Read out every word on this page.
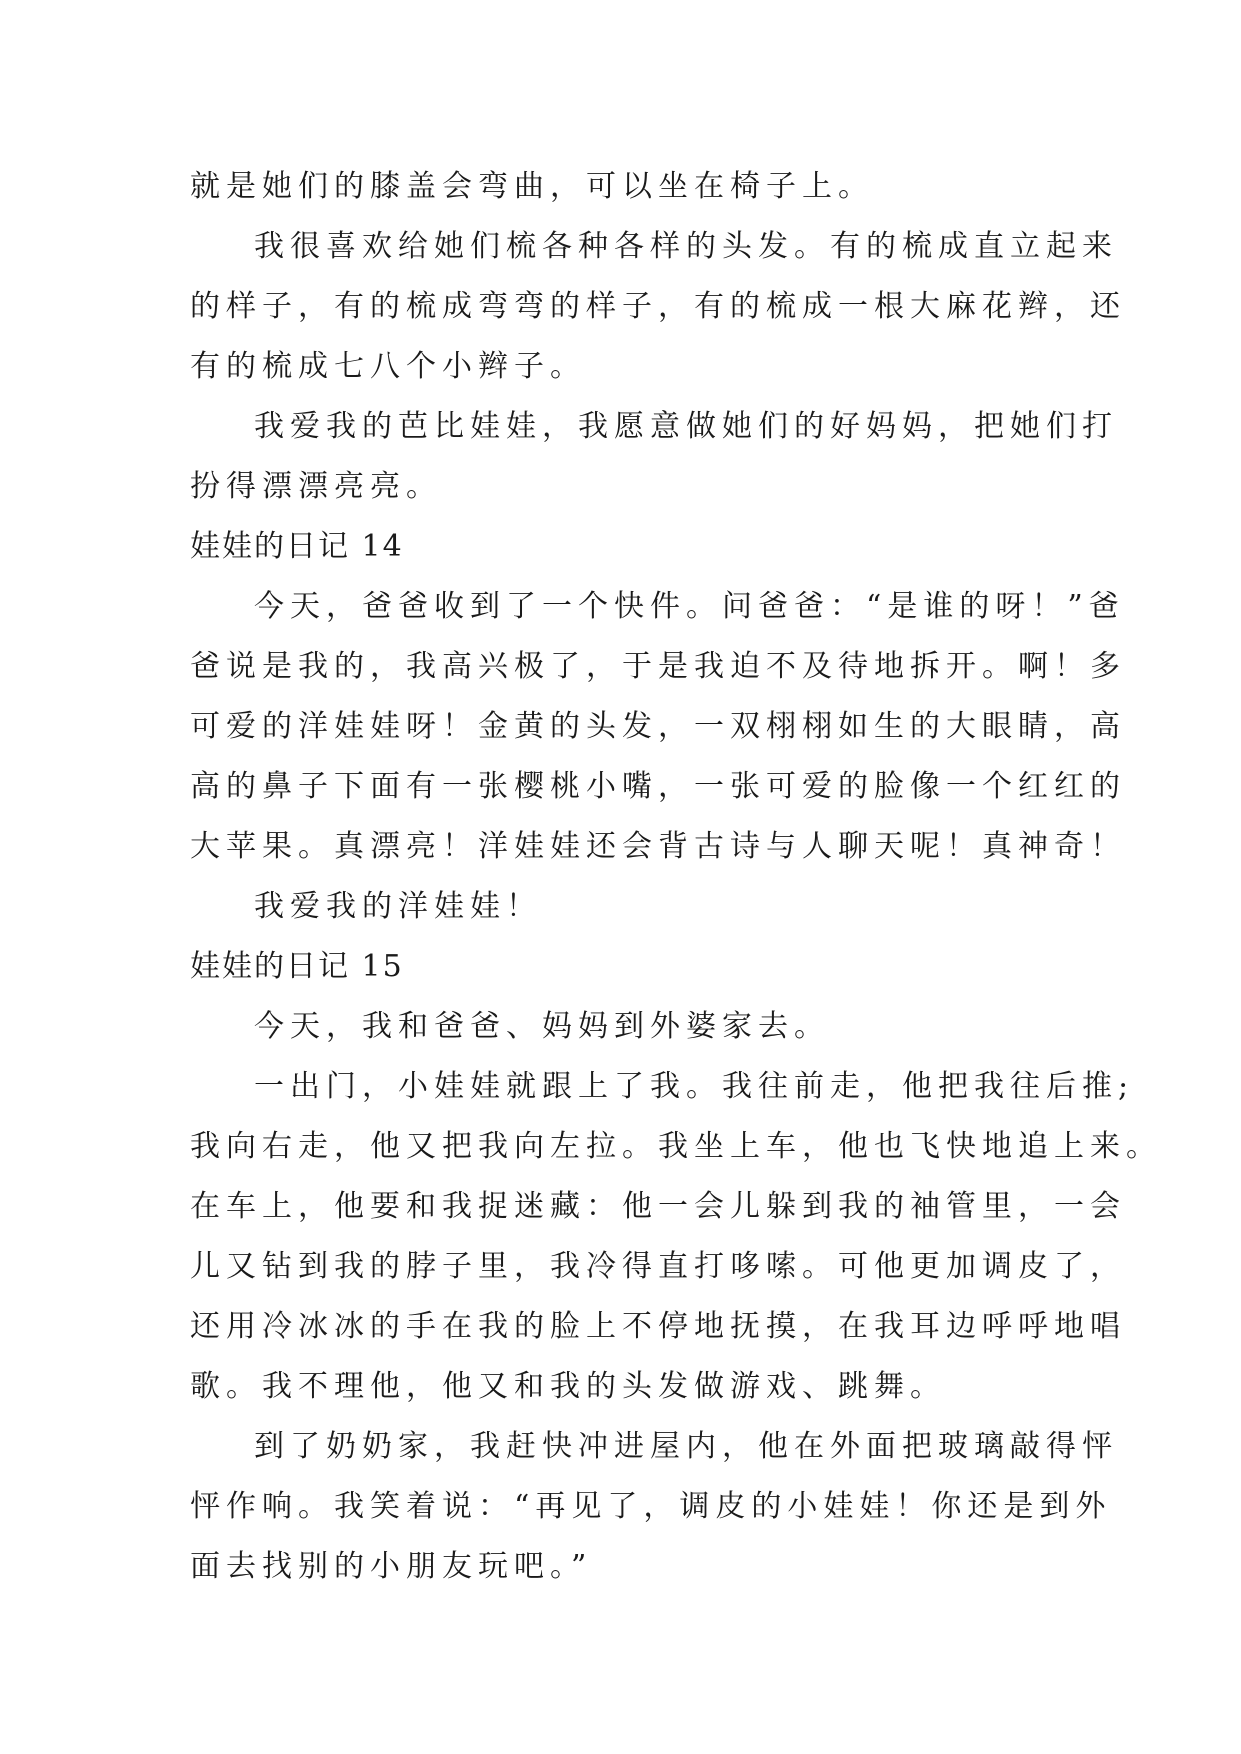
就是她们的膝盖会弯曲，可以坐在椅子上。
我很喜欢给她们梳各种各样的头发。有的梳成直立起来
的样子，有的梳成弯弯的样子，有的梳成一根大麻花辫，还
有的梳成七八个小辫子。
我爱我的芭比娃娃，我愿意做她们的好妈妈，把她们打
扮得漂漂亮亮。
娃娃的日记 14
今天，爸爸收到了一个快件。问爸爸：“是谁的呀！”爸
爸说是我的，我高兴极了，于是我迫不及待地拆开。啊！多
可爱的洋娃娃呀！金黄的头发，一双栩栩如生的大眼睛，高
高的鼻子下面有一张樱桃小嘴，一张可爱的脸像一个红红的
大苹果。真漂亮！洋娃娃还会背古诗与人聊天呢！真神奇！
我爱我的洋娃娃！
娃娃的日记 15
今天，我和爸爸、妈妈到外婆家去。
一出门，小娃娃就跟上了我。我往前走，他把我往后推;
我向右走，他又把我向左拉。我坐上车，他也飞快地追上来。
在车上，他要和我捉迷藏：他一会儿躲到我的袖管里，一会
儿又钻到我的脖子里，我冷得直打哆嗦。可他更加调皮了，
还用冷冰冰的手在我的脸上不停地抚摸，在我耳边呼呼地唱
歌。我不理他，他又和我的头发做游戏、跳舞。
到了奶奶家，我赶快冲进屋内，他在外面把玻璃敲得怦
怦作响。我笑着说：“再见了，调皮的小娃娃！你还是到外
面去找别的小朋友玩吧。”
